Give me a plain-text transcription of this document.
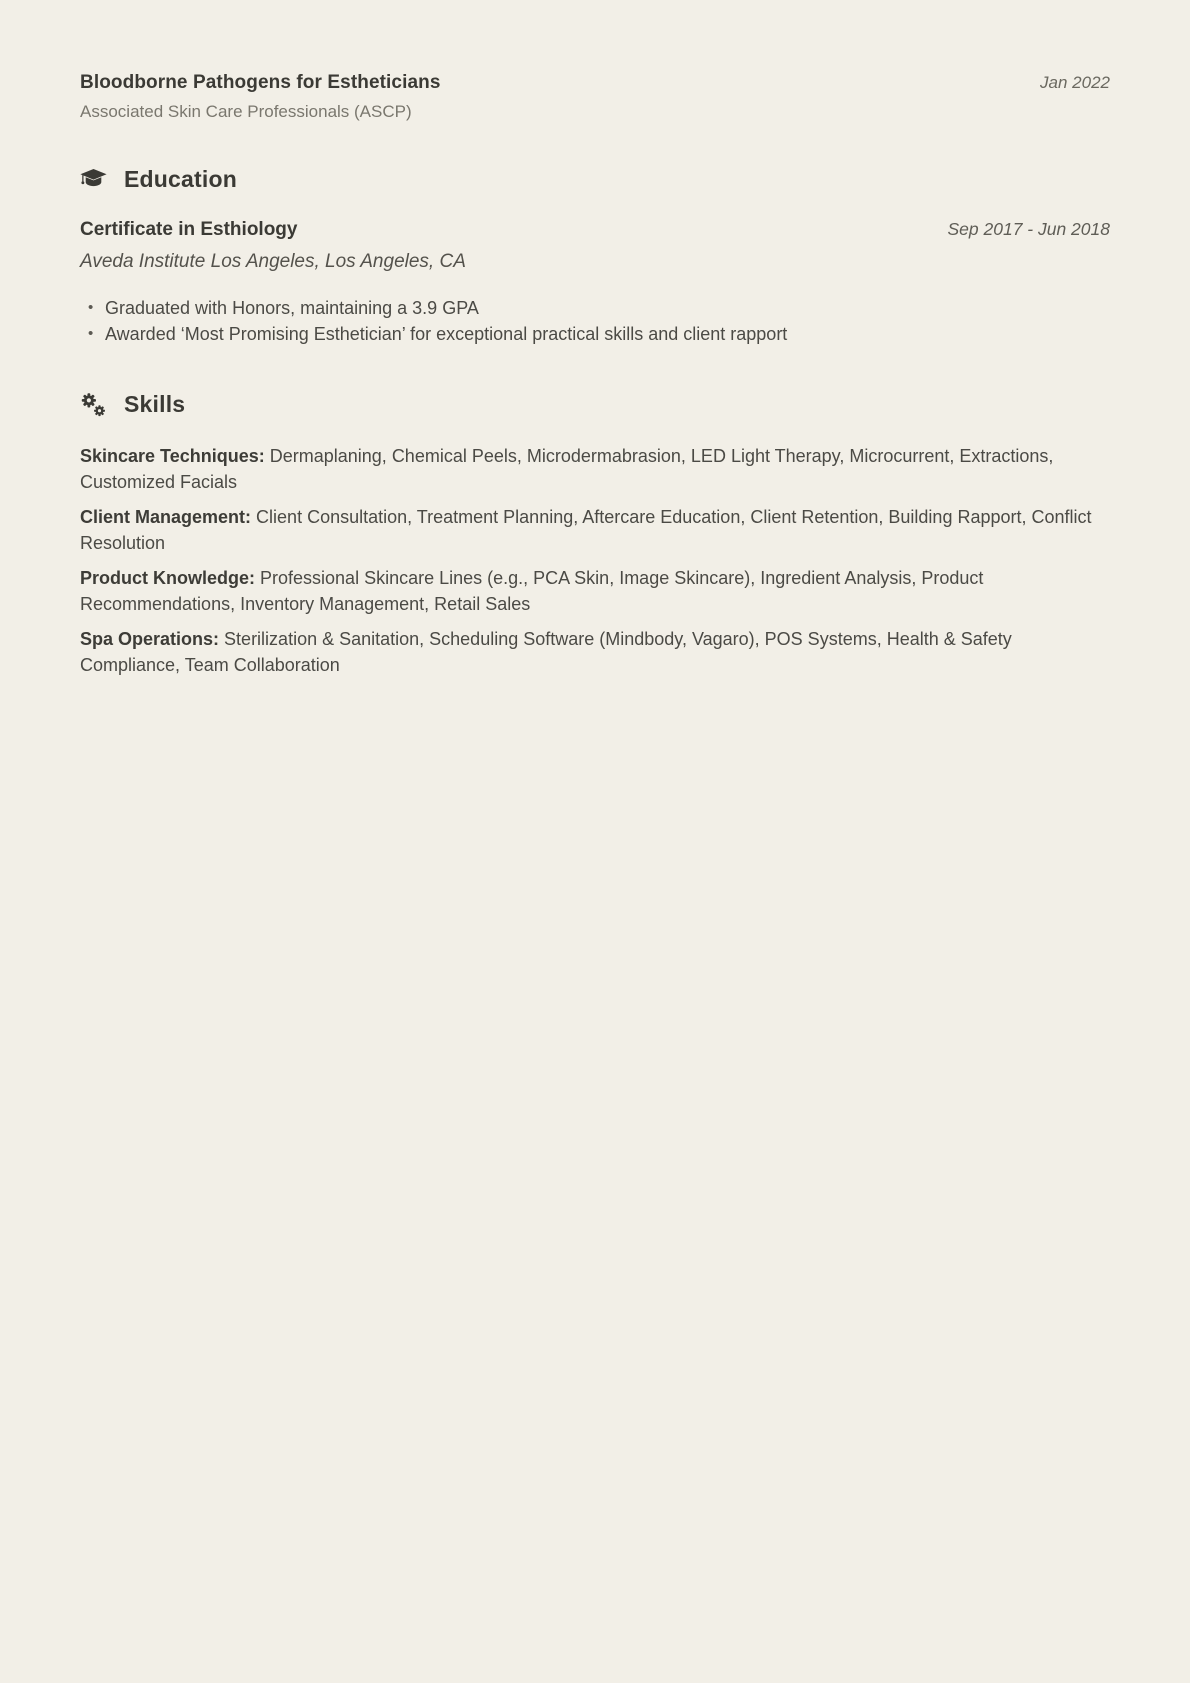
Bloodborne Pathogens for Estheticians	Jan 2022
Associated Skin Care Professionals (ASCP)
Education
Certificate in Esthiology	Sep 2017 - Jun 2018
Aveda Institute Los Angeles, Los Angeles, CA
• Graduated with Honors, maintaining a 3.9 GPA
• Awarded ‘Most Promising Esthetician’ for exceptional practical skills and client rapport
Skills

Skincare Techniques: Dermaplaning, Chemical Peels, Microdermabrasion, LED Light Therapy, Microcurrent, Extractions, Customized Facials

Client Management: Client Consultation, Treatment Planning, Aftercare Education, Client Retention, Building Rapport, Conflict Resolution

Product Knowledge: Professional Skincare Lines (e.g., PCA Skin, Image Skincare), Ingredient Analysis, Product Recommendations, Inventory Management, Retail Sales

Spa Operations: Sterilization & Sanitation, Scheduling Software (Mindbody, Vagaro), POS Systems, Health & Safety Compliance, Team Collaboration
